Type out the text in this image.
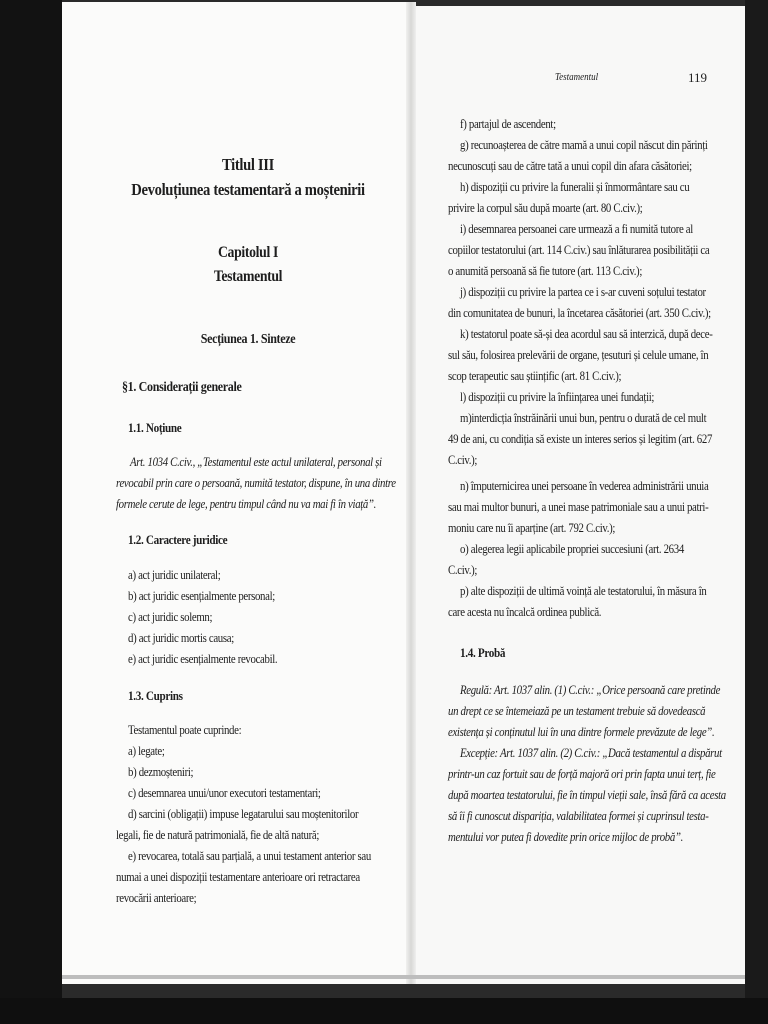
Titlul III
Devoluțiunea testamentară a moștenirii
Capitolul I
Testamentul
Secțiunea 1. Sinteze
§1. Considerații generale
1.1. Noțiune
Art. 1034 C.civ., „Testamentul este actul unilateral, personal și
revocabil prin care o persoană, numită testator, dispune, în una dintre
formele cerute de lege, pentru timpul când nu va mai fi în viață”.
1.2. Caractere juridice
a) act juridic unilateral;
b) act juridic esențialmente personal;
c) act juridic solemn;
d) act juridic mortis causa;
e) act juridic esențialmente revocabil.
1.3. Cuprins
Testamentul poate cuprinde:
a) legate;
b) dezmoșteniri;
c) desemnarea unui/unor executori testamentari;
d) sarcini (obligații) impuse legatarului sau moștenitorilor
legali, fie de natură patrimonială, fie de altă natură;
e) revocarea, totală sau parțială, a unui testament anterior sau
numai a unei dispoziții testamentare anterioare ori retractarea
revocării anterioare;
Testamentul	119
f) partajul de ascendent;
g) recunoașterea de către mamă a unui copil născut din părinți
necunoscuți sau de către tată a unui copil din afara căsătoriei;
h) dispoziții cu privire la funeralii și înmormântare sau cu
privire la corpul său după moarte (art. 80 C.civ.);
i) desemnarea persoanei care urmează a fi numită tutore al
copiilor testatorului (art. 114 C.civ.) sau înlăturarea posibilității ca
o anumită persoană să fie tutore (art. 113 C.civ.);
j) dispoziții cu privire la partea ce i s-ar cuveni soțului testator
din comunitatea de bunuri, la încetarea căsătoriei (art. 350 C.civ.);
k) testatorul poate să-și dea acordul sau să interzică, după dece-
sul său, folosirea prelevării de organe, țesuturi și celule umane, în
scop terapeutic sau științific (art. 81 C.civ.);
l) dispoziții cu privire la înființarea unei fundații;
m)interdicția înstrăinării unui bun, pentru o durată de cel mult
49 de ani, cu condiția să existe un interes serios și legitim (art. 627
C.civ.);
n) împuternicirea unei persoane în vederea administrării unuia
sau mai multor bunuri, a unei mase patrimoniale sau a unui patri-
moniu care nu îi aparține (art. 792 C.civ.);
o) alegerea legii aplicabile propriei succesiuni (art. 2634
C.civ.);
p) alte dispoziții de ultimă voință ale testatorului, în măsura în
care acesta nu încalcă ordinea publică.
1.4. Probă
Regulă: Art. 1037 alin. (1) C.civ.: „Orice persoană care pretinde
un drept ce se întemeiază pe un testament trebuie să dovedească
existența și conținutul lui în una dintre formele prevăzute de lege”.
Excepție: Art. 1037 alin. (2) C.civ.: „Dacă testamentul a dispărut
printr-un caz fortuit sau de forță majoră ori prin fapta unui terț, fie
după moartea testatorului, fie în timpul vieții sale, însă fără ca acesta
să îi fi cunoscut dispariția, valabilitatea formei și cuprinsul testa-
mentului vor putea fi dovedite prin orice mijloc de probă”.
